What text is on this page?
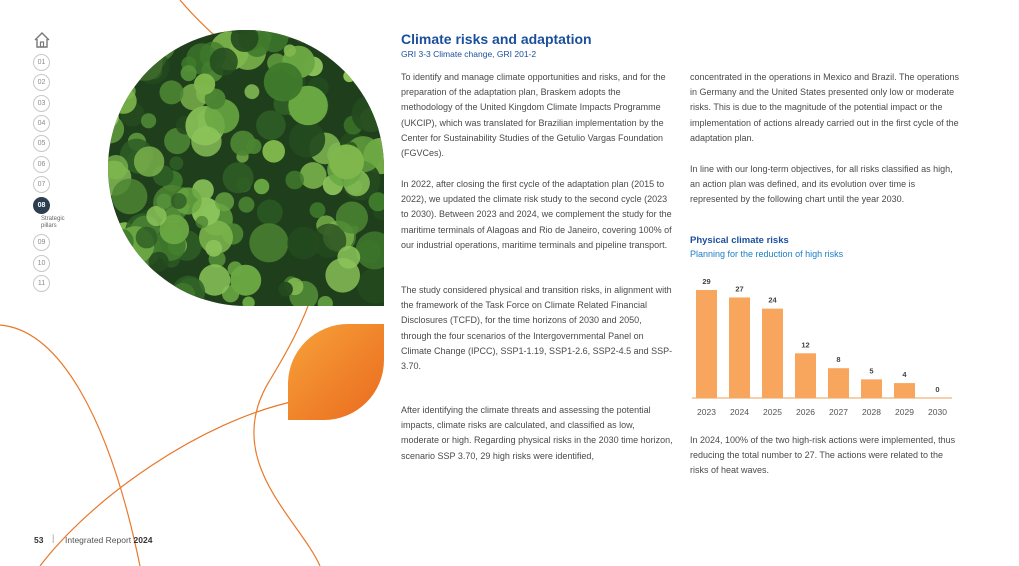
01
02
03
04
05
06
07
08
Strategic
pillars
09
10
11
Climate risks and adaptation
GRI 3-3 Climate change, GRI 201-2
To identify and manage climate opportunities and risks, and for the preparation of the adaptation plan, Braskem adopts the methodology of the United Kingdom Climate Impacts Programme (UKCIP), which was translated for Brazilian implementation by the Center for Sustainability Studies of the Getulio Vargas Foundation (FGVCes).
In 2022, after closing the first cycle of the adaptation plan (2015 to 2022), we updated the climate risk study to the second cycle (2023 to 2030). Between 2023 and 2024, we complement the study for the maritime terminals of Alagoas and Rio de Janeiro, covering 100% of our industrial operations, maritime terminals and pipeline transport.
The study considered physical and transition risks, in alignment with the framework of the Task Force on Climate Related Financial Disclosures (TCFD), for the time horizons of 2030 and 2050, through the four scenarios of the Intergovernmental Panel on Climate Change (IPCC), SSP1-1.19, SSP1-2.6, SSP2-4.5 and SSP-3.70.
After identifying the climate threats and assessing the potential impacts, climate risks are calculated, and classified as low, moderate or high. Regarding physical risks in the 2030 time horizon, scenario SSP 3.70, 29 high risks were identified,
concentrated in the operations in Mexico and Brazil. The operations in Germany and the United States presented only low or moderate risks. This is due to the magnitude of the potential impact or the implementation of actions already carried out in the first cycle of the adaptation plan.
In line with our long-term objectives, for all risks classified as high, an action plan was defined, and its evolution over time is represented by the following chart until the year 2030.
Physical climate risks
Planning for the reduction of high risks
29
2023
27
2024
24
2025
12
2026
8
2027
5
2028
4
2029
0
2030
In 2024, 100% of the two high-risk actions were implemented, thus reducing the total number to 27. The actions were related to the risks of heat waves.
53 | Integrated Report 2024
